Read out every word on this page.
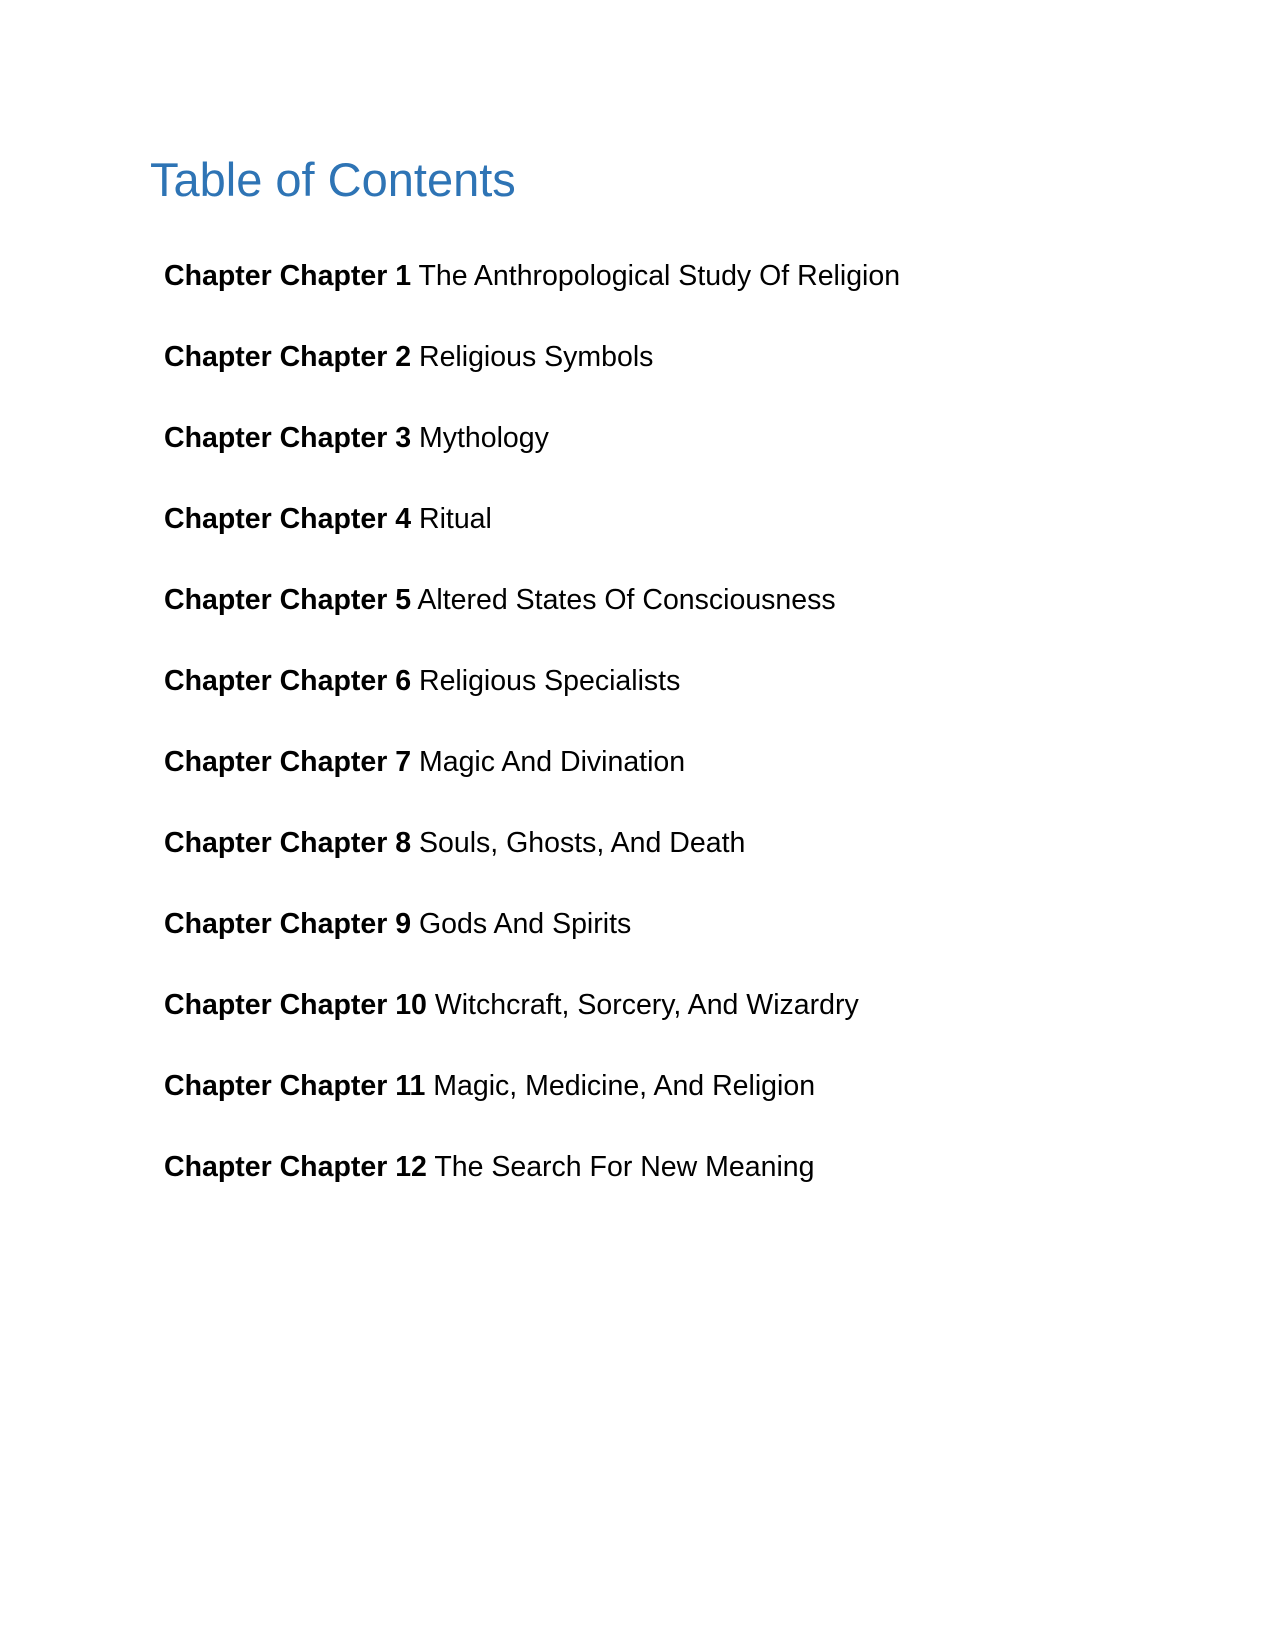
Table of Contents
Chapter Chapter 1 The Anthropological Study Of Religion
Chapter Chapter 2 Religious Symbols
Chapter Chapter 3 Mythology
Chapter Chapter 4 Ritual
Chapter Chapter 5 Altered States Of Consciousness
Chapter Chapter 6 Religious Specialists
Chapter Chapter 7 Magic And Divination
Chapter Chapter 8 Souls, Ghosts, And Death
Chapter Chapter 9 Gods And Spirits
Chapter Chapter 10 Witchcraft, Sorcery, And Wizardry
Chapter Chapter 11 Magic, Medicine, And Religion
Chapter Chapter 12 The Search For New Meaning
